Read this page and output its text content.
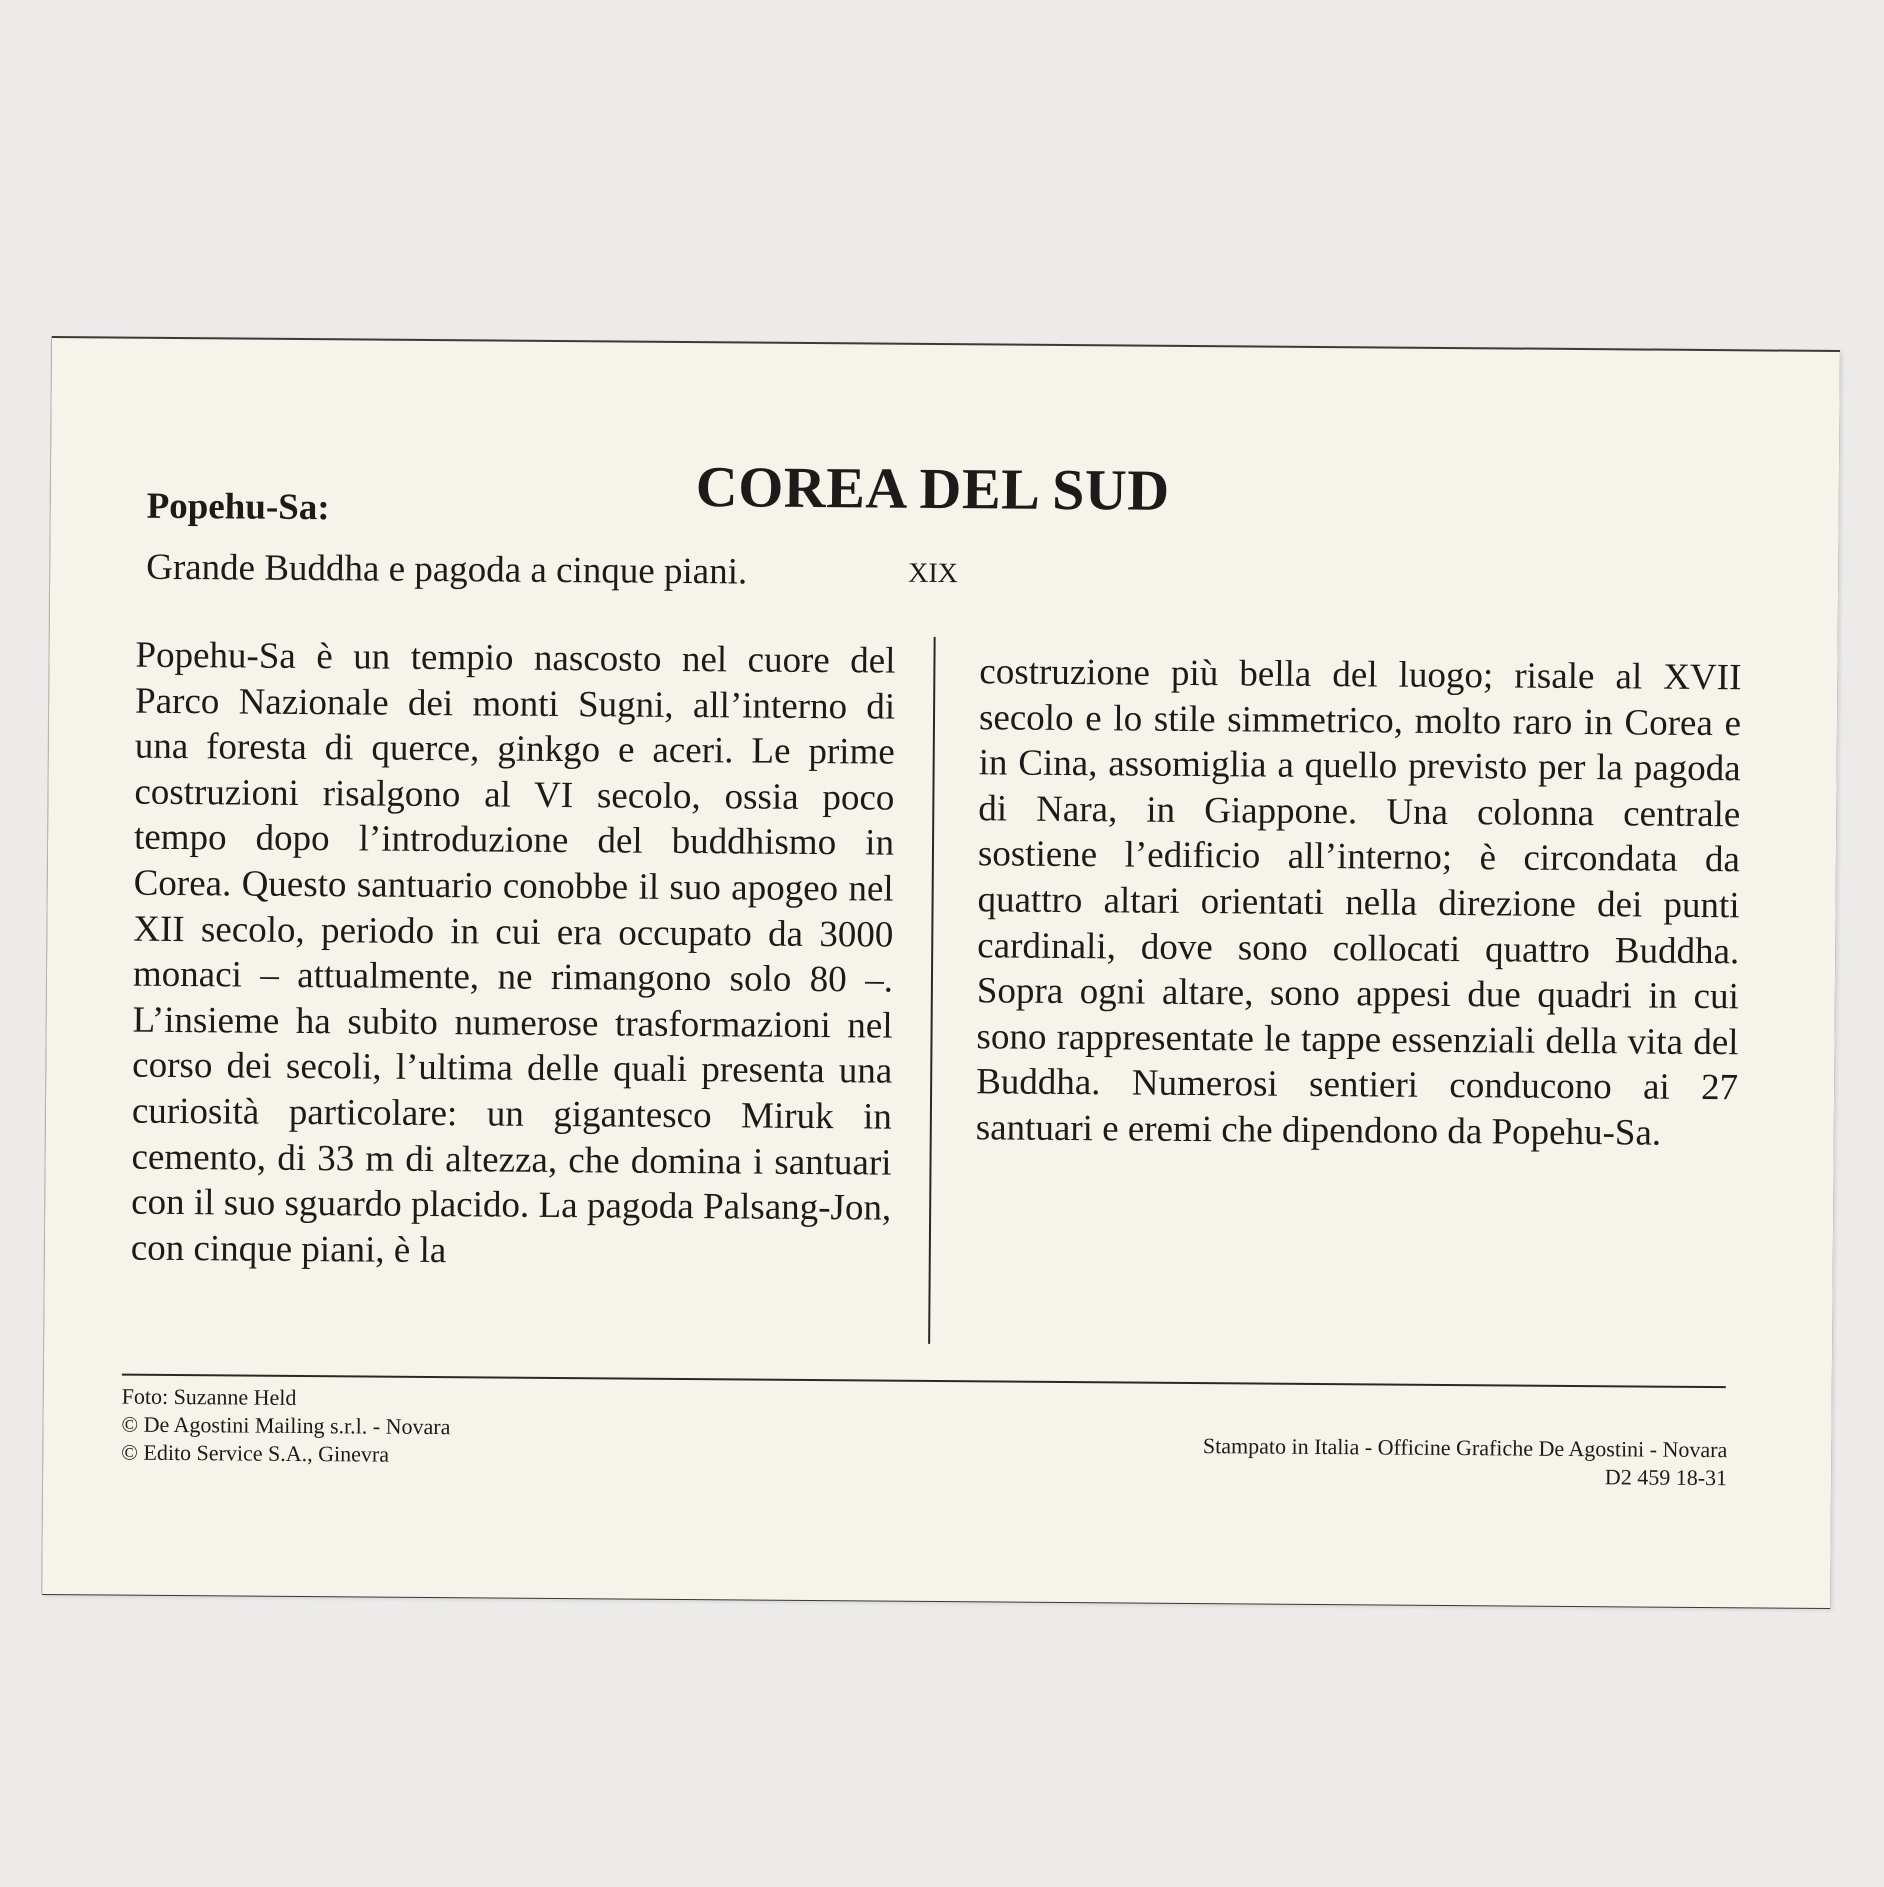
Popehu-Sa:	COREA DEL SUD

Grande Buddha e pagoda a cinque piani.	XIX

Popehu-Sa è un tempio nascosto nel cuore del Parco Nazionale dei monti Sugni, all’interno di una foresta di querce, ginkgo e aceri. Le prime costruzioni risalgono al VI secolo, ossia poco tempo dopo l’introduzione del buddhismo in Corea. Questo santuario conobbe il suo apogeo nel XII secolo, periodo in cui era occupato da 3000 monaci – attualmente, ne rimangono solo 80 –. L’insieme ha subito numerose trasformazioni nel corso dei secoli, l’ultima delle quali presenta una curiosità particolare: un gigantesco Miruk in cemento, di 33 m di altezza, che domina i santuari con il suo sguardo placido. La pagoda Palsang-Jon, con cinque piani, è la

costruzione più bella del luogo; risale al XVII secolo e lo stile simmetrico, molto raro in Corea e in Cina, assomiglia a quello previsto per la pagoda di Nara, in Giappone. Una colonna centrale sostiene l’edificio all’interno; è circondata da quattro altari orientati nella direzione dei punti cardinali, dove sono collocati quattro Buddha. Sopra ogni altare, sono appesi due quadri in cui sono rappresentate le tappe essenziali della vita del Buddha. Numerosi sentieri conducono ai 27 santuari e eremi che dipendono da Popehu-Sa.

Foto: Suzanne Held
© De Agostini Mailing s.r.l. - Novara
© Edito Service S.A., Ginevra	Stampato in Italia - Officine Grafiche De Agostini - Novara
D2 459 18-31
